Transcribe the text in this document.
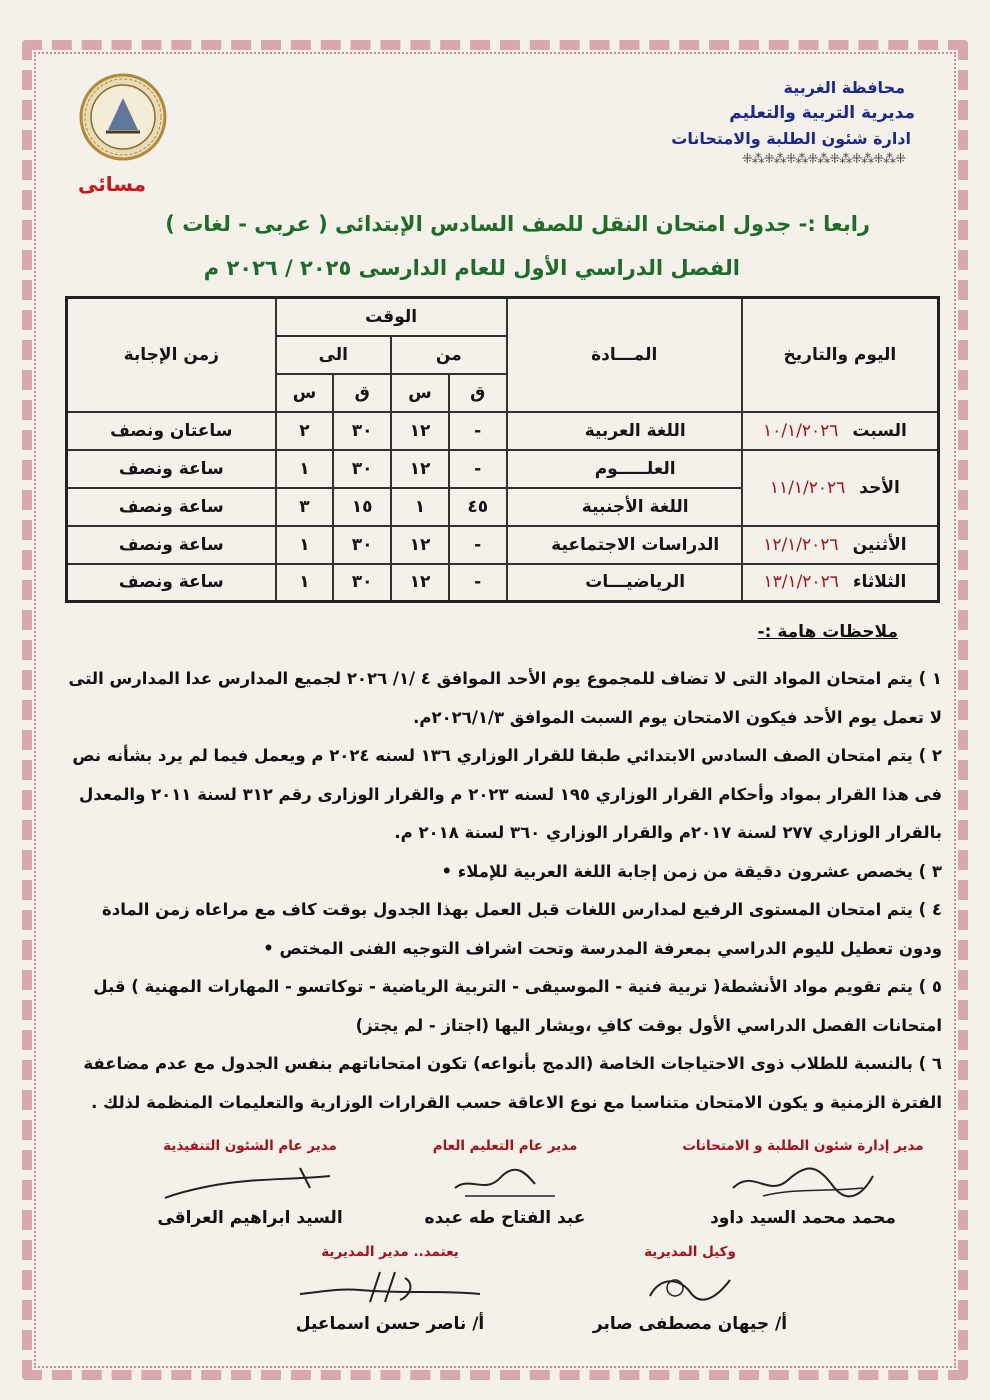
محافظة الغربية
مديرية التربية والتعليم
ادارة شئون الطلبة والامتحانات
⁜⁂⁜⁂⁜⁂⁜⁂⁜⁂⁜⁂⁜⁂⁜
مسائى
رابعا :- جدول امتحان النقل للصف السادس الإبتدائى ( عربى - لغات )
الفصل الدراسي الأول للعام الدارسى ٢٠٢٥ / ٢٠٢٦ م
اليوم والتاريخ	المـــادة	الوقت				زمن الإجابة
		من		الى		
		ق	س	ق	س	
السبت١٠/١/٢٠٢٦	اللغة العربية	-	١٢	٣٠	٢	ساعتان ونصف
الأحد١١/١/٢٠٢٦	العلـــــوم	-	١٢	٣٠	١	ساعة ونصف
	اللغة الأجنبية	٤٥	١	١٥	٣	ساعة ونصف
الأثنين١٢/١/٢٠٢٦	الدراسات الاجتماعية	-	١٢	٣٠	١	ساعة ونصف
الثلاثاء١٣/١/٢٠٢٦	الرياضيـــات	-	١٢	٣٠	١	ساعة ونصف
ملاحظات هامة :-

١ ) يتم امتحان المواد التى لا تضاف للمجموع يوم الأحد الموافق ٤ /١/ ٢٠٢٦ لجميع المدارس عدا المدارس التى لا تعمل يوم الأحد فيكون الامتحان يوم السبت الموافق ٢٠٢٦/١/٣م.

٢ ) يتم امتحان الصف السادس الابتدائي طبقا للقرار الوزاري ١٣٦ لسنه ٢٠٢٤ م ويعمل فيما لم يرد بشأنه نص فى هذا القرار بمواد وأحكام القرار الوزاري ١٩٥ لسنه ٢٠٢٣ م والقرار الوزارى رقم ٣١٢ لسنة ٢٠١١ والمعدل بالقرار الوزاري ٢٧٧ لسنة ٢٠١٧م والقرار الوزاري ٣٦٠ لسنة ٢٠١٨ م.

٣ ) يخصص عشرون دقيقة من زمن إجابة اللغة العربية للإملاء •

٤ ) يتم امتحان المستوى الرفيع لمدارس اللغات قبل العمل بهذا الجدول بوقت كاف مع مراعاه زمن المادة ودون تعطيل لليوم الدراسي بمعرفة المدرسة وتحت اشراف التوجيه الفنى المختص •

٥ ) يتم تقويم مواد الأنشطة( تربية فنية - الموسيقى - التربية الرياضية - توكاتسو - المهارات المهنية ) قبل امتحانات الفصل الدراسي الأول بوقت كافِ ،ويشار اليها (اجتاز - لم يجتز)

٦ ) بالنسبة للطلاب ذوى الاحتياجات الخاصة (الدمج بأنواعه) تكون امتحاناتهم بنفس الجدول مع عدم مضاعفة الفترة الزمنية و يكون الامتحان متناسبا مع نوع الاعاقة حسب القرارات الوزارية والتعليمات المنظمة لذلك .

مدير إدارة شئون الطلبة و الامتحانات
محمد محمد السيد داود
مدير عام التعليم العام
عبد الفتاح طه عبده
مدير عام الشئون التنفيذية
السيد ابراهيم العراقى
وكيل المديرية
أ/ جيهان مصطفى صابر
يعتمد.. مدير المديرية
أ/ ناصر حسن اسماعيل
